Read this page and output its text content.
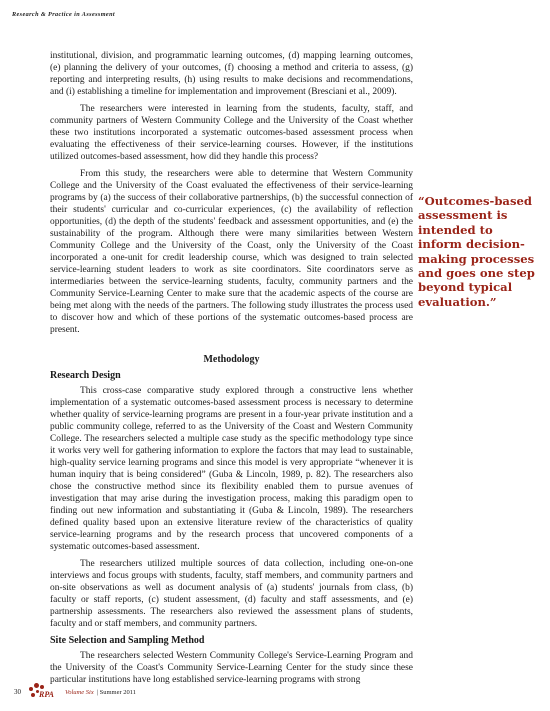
Research & Practice in Assessment

institutional, division, and programmatic learning outcomes, (d) mapping learning outcomes, (e) planning the delivery of your outcomes, (f) choosing a method and criteria to assess, (g) reporting and interpreting results, (h) using results to make decisions and recommendations, and (i) establishing a timeline for implementation and improvement (Bresciani et al., 2009).

The researchers were interested in learning from the students, faculty, staff, and community partners of Western Community College and the University of the Coast whether these two institutions incorporated a systematic outcomes-based assessment process when evaluating the effectiveness of their service-learning courses. However, if the institutions utilized outcomes-based assessment, how did they handle this process?

From this study, the researchers were able to determine that Western Community College and the University of the Coast evaluated the effectiveness of their service-learning programs by (a) the success of their collaborative partnerships, (b) the successful connection of their students' curricular and co-curricular experiences, (c) the availability of reflection opportunities, (d) the depth of the students' feedback and assessment opportunities, and (e) the sustainability of the program. Although there were many similarities between Western Community College and the University of the Coast, only the University of the Coast incorporated a one-unit for credit leadership course, which was designed to train selected service-learning student leaders to work as site coordinators. Site coordinators serve as intermediaries between the service-learning students, faculty, community partners and the Community Service-Learning Center to make sure that the academic aspects of the course are being met along with the needs of the partners. The following study illustrates the process used to discover how and which of these portions of the systematic outcomes-based process are present.

Methodology
Research Design

This cross-case comparative study explored through a constructive lens whether implementation of a systematic outcomes-based assessment process is necessary to determine whether quality of service-learning programs are present in a four-year private institution and a public community college, referred to as the University of the Coast and Western Community College. The researchers selected a multiple case study as the specific methodology type since it works very well for gathering information to explore the factors that may lead to sustainable, high-quality service learning programs and since this model is very appropriate “whenever it is human inquiry that is being considered” (Guba & Lincoln, 1989, p. 82). The researchers also chose the constructive method since its flexibility enabled them to pursue avenues of investigation that may arise during the investigation process, making this paradigm open to finding out new information and substantiating it (Guba & Lincoln, 1989). The researchers defined quality based upon an extensive literature review of the characteristics of quality service-learning programs and by the research process that uncovered components of a systematic outcomes-based assessment.

The researchers utilized multiple sources of data collection, including one-on-one interviews and focus groups with students, faculty, staff members, and community partners and on-site observations as well as document analysis of (a) students' journals from class, (b) faculty or staff reports, (c) student assessment, (d) faculty and staff assessments, and (e) partnership assessments. The researchers also reviewed the assessment plans of students, faculty and or staff members, and community partners.

Site Selection and Sampling Method

The researchers selected Western Community College's Service-Learning Program and the University of the Coast's Community Service-Learning Center for the study since these particular institutions have long established service-learning programs with strong

“Outcomes-based assessment is intended to inform decision-making processes and goes one step beyond typical evaluation.”
30 RPA Volume Six | Summer 2011
